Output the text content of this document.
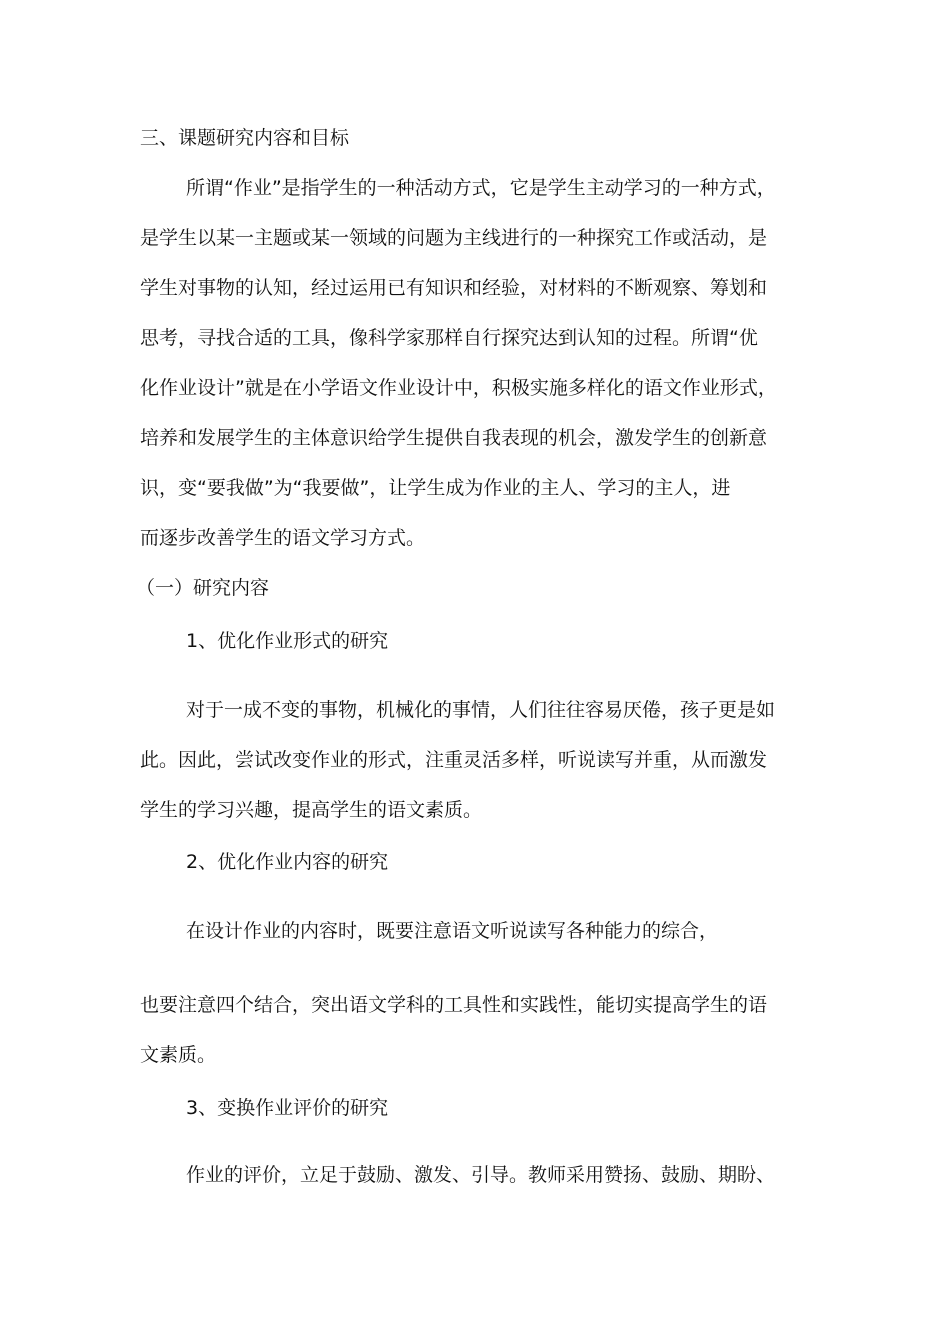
三、课题研究内容和目标
所谓“作业”是指学生的一种活动方式，它是学生主动学习的一种方式，
是学生以某一主题或某一领域的问题为主线进行的一种探究工作或活动，是
学生对事物的认知，经过运用已有知识和经验，对材料的不断观察、筹划和
思考，寻找合适的工具，像科学家那样自行探究达到认知的过程。所谓“优
化作业设计”就是在小学语文作业设计中，积极实施多样化的语文作业形式，
培养和发展学生的主体意识给学生提供自我表现的机会，激发学生的创新意
识，变“要我做”为“我要做”，让学生成为作业的主人、学习的主人，进
而逐步改善学生的语文学习方式。
（一）研究内容
1、优化作业形式的研究
对于一成不变的事物，机械化的事情，人们往往容易厌倦，孩子更是如
此。因此，尝试改变作业的形式，注重灵活多样，听说读写并重，从而激发
学生的学习兴趣，提高学生的语文素质。
2、优化作业内容的研究
在设计作业的内容时，既要注意语文听说读写各种能力的综合，
也要注意四个结合，突出语文学科的工具性和实践性，能切实提高学生的语
文素质。
3、变换作业评价的研究
作业的评价，立足于鼓励、激发、引导。教师采用赞扬、鼓励、期盼、
